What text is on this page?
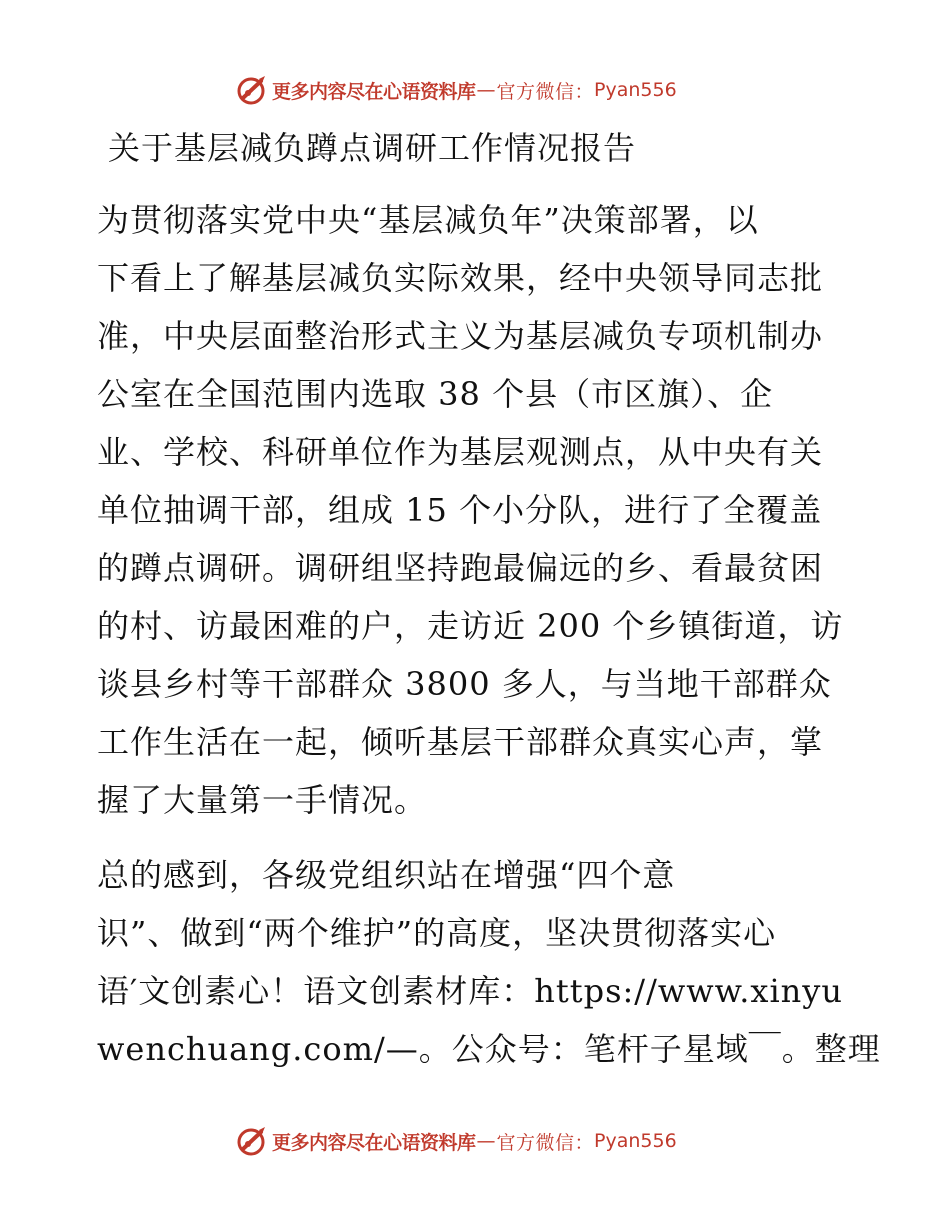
更多内容尽在心语资料库 — 官方微信： Pyan556
关于基层减负蹲点调研工作情况报告
为贯彻落实党中央“基层减负年”决策部署，以
下看上了解基层减负实际效果，经中央领导同志批
准，中央层面整治形式主义为基层减负专项机制办
公室在全国范围内选取 38 个县（市区旗）、企
业、学校、科研单位作为基层观测点，从中央有关
单位抽调干部，组成 15 个小分队，进行了全覆盖
的蹲点调研。调研组坚持跑最偏远的乡、看最贫困
的村、访最困难的户，走访近 200 个乡镇街道，访
谈县乡村等干部群众 3800 多人，与当地干部群众
工作生活在一起，倾听基层干部群众真实心声，掌
握了大量第一手情况。
总的感到，各级党组织站在增强“四个意
识”、做到“两个维护”的高度，坚决贯彻落实心
语′文创素心！语文创素材库：https://www.xinyu
wenchuang.com/—。公众号：笔杆子星域￣。整理
更多内容尽在心语资料库 — 官方微信： Pyan556
